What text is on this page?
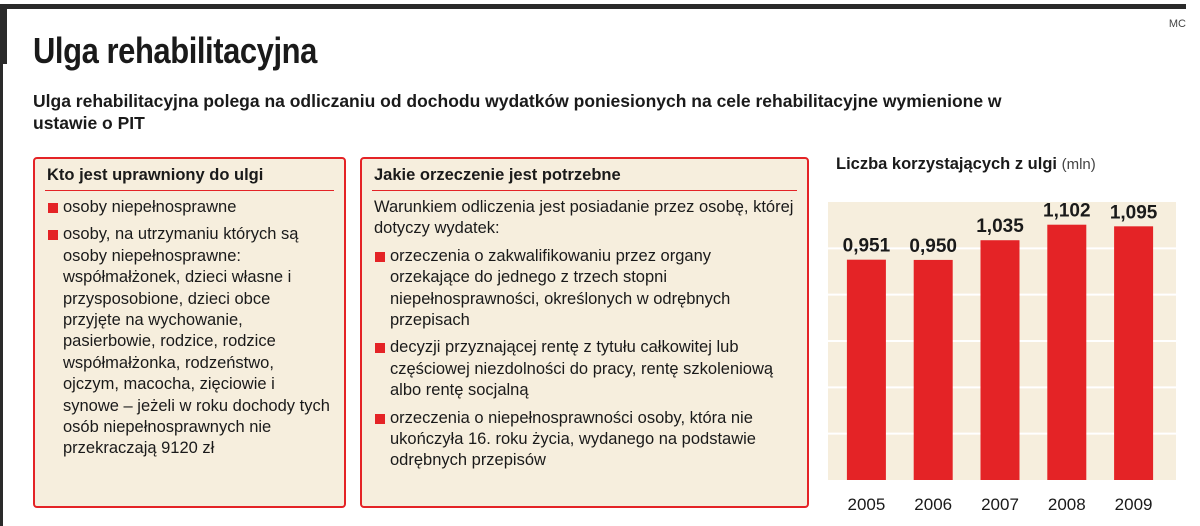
MC
Ulga rehabilitacyjna

Ulga rehabilitacyjna polega na odliczaniu od dochodu wydatków poniesionych na cele rehabilitacyjne wymienione w ustawie o PIT

Kto jest uprawniony do ulgi
osoby niepełnosprawne
osoby, na utrzymaniu których są osoby niepełnosprawne: współmałżonek, dzieci własne i przysposobione, dzieci obce przyjęte na wychowanie, pasierbowie, rodzice, rodzice współmałżonka, rodzeństwo, ojczym, macocha, zięciowie i synowe – jeżeli w roku dochody tych osób niepełnosprawnych nie przekraczają 9120 zł
Jakie orzeczenie jest potrzebne

Warunkiem odliczenia jest posiadanie przez osobę, której dotyczy wydatek:

orzeczenia o zakwalifikowaniu przez organy orzekające do jednego z trzech stopni niepełnosprawności, określonych w odrębnych przepisach
decyzji przyznającej rentę z tytułu całkowitej lub częściowej niezdolności do pracy, rentę szkoleniową albo rentę socjalną
orzeczenia o niepełnosprawności osoby, która nie ukończyła 16. roku życia, wydanego na podstawie odrębnych przepisów
Liczba korzystających z ulgi (mln)
0,951
2005
0,950
2006
1,035
2007
1,102
2008
1,095
2009
